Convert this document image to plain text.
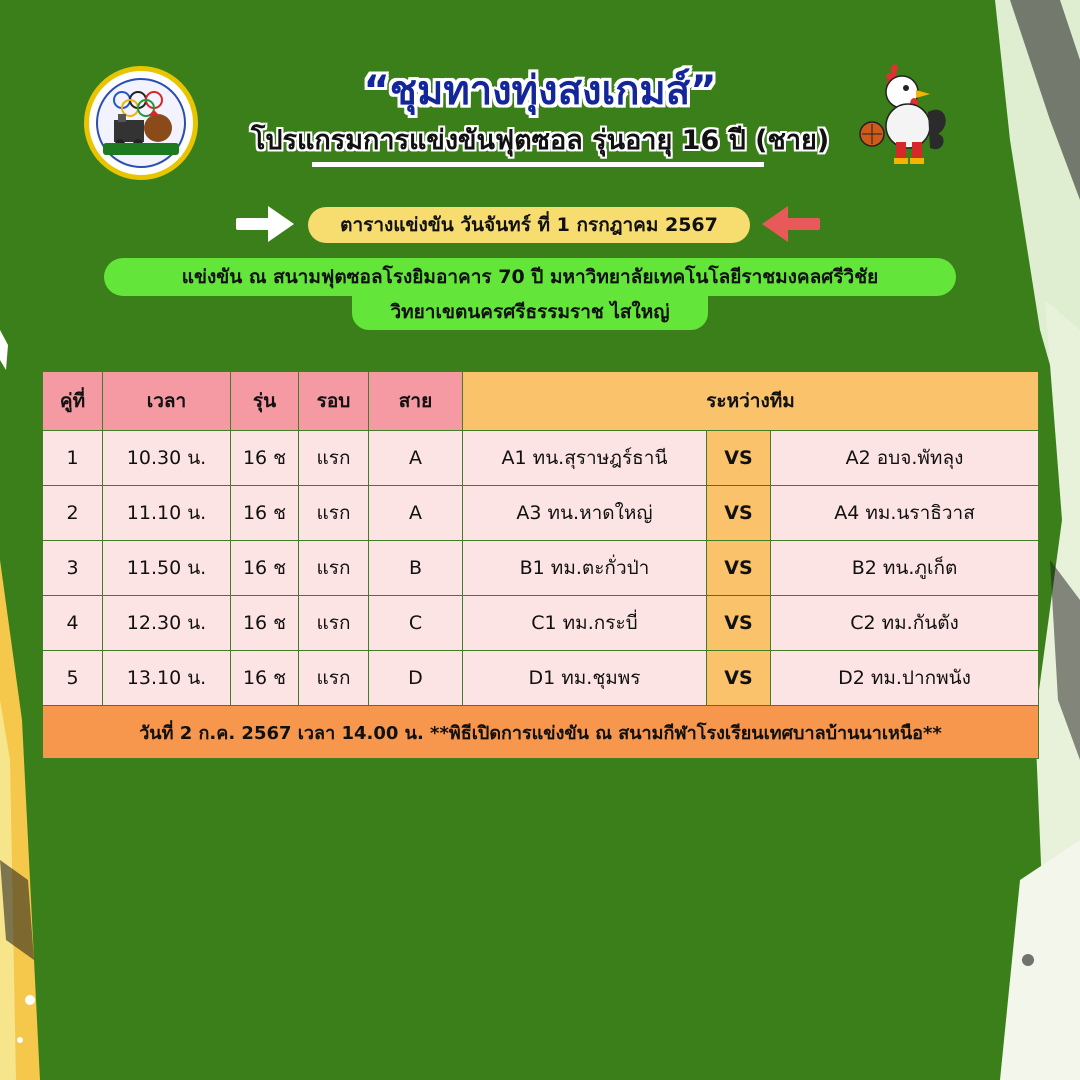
“ชุมทางทุ่งสงเกมส์”
โปรแกรมการแข่งขันฟุตซอล รุ่นอายุ 16 ปี (ชาย)
ตารางแข่งขัน วันจันทร์ ที่ 1 กรกฎาคม 2567
แข่งขัน ณ สนามฟุตซอลโรงยิมอาคาร 70 ปี มหาวิทยาลัยเทคโนโลยีราชมงคลศรีวิชัย
วิทยาเขตนครศรีธรรมราช ไสใหญ่
คู่ที่	เวลา	รุ่น	รอบ	สาย	ระหว่างทีม		
1	10.30 น.	16 ช	แรก	A	A1 ทน.สุราษฎร์ธานี	VS	A2 อบจ.พัทลุง
2	11.10 น.	16 ช	แรก	A	A3 ทน.หาดใหญ่	VS	A4 ทม.นราธิวาส
3	11.50 น.	16 ช	แรก	B	B1 ทม.ตะกั่วป่า	VS	B2 ทน.ภูเก็ต
4	12.30 น.	16 ช	แรก	C	C1 ทม.กระบี่	VS	C2 ทม.กันตัง
5	13.10 น.	16 ช	แรก	D	D1 ทม.ชุมพร	VS	D2 ทม.ปากพนัง
วันที่ 2 ก.ค. 2567 เวลา 14.00 น. **พิธีเปิดการแข่งขัน ณ สนามกีฬาโรงเรียนเทศบาลบ้านนาเหนือ**							
